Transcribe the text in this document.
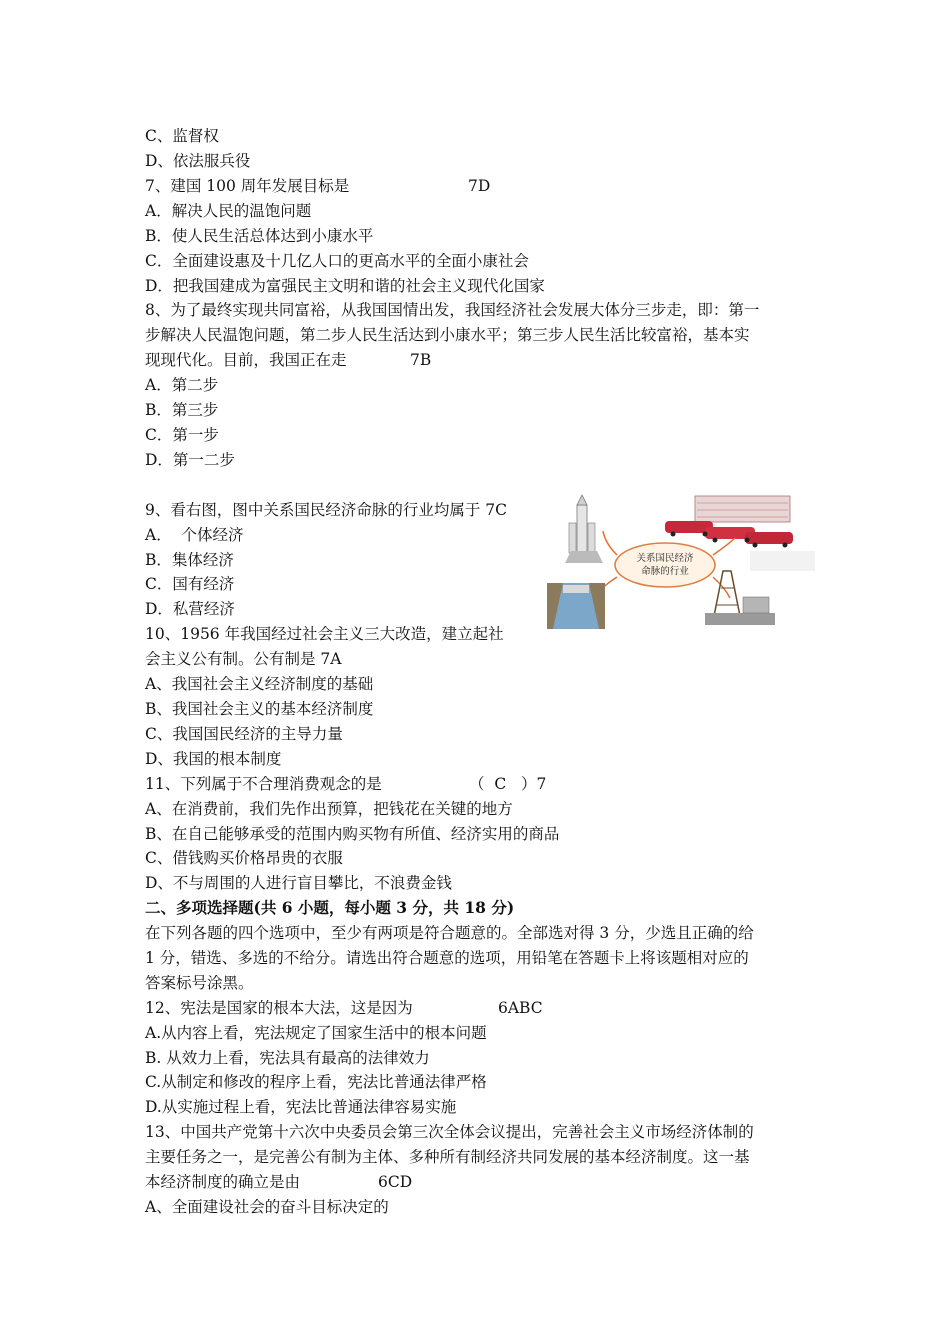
C、监督权
D、依法服兵役
7、建国 100 周年发展目标是	7D
A．解决人民的温饱问题
B．使人民生活总体达到小康水平
C．全面建设惠及十几亿人口的更高水平的全面小康社会
D．把我国建成为富强民主文明和谐的社会主义现代化国家
8、为了最终实现共同富裕，从我国国情出发，我国经济社会发展大体分三步走，即：第一
步解决人民温饱问题，第二步人民生活达到小康水平；第三步人民生活比较富裕，基本实
现现代化。目前，我国正在走	7B
A．第二步
B．第三步
C．第一步
D．第一二步
9、看右图，图中关系国民经济命脉的行业均属于 7C
A．  个体经济
B．集体经济
C．国有经济
D．私营经济
10、1956 年我国经过社会主义三大改造，建立起社
会主义公有制。公有制是 7A
A、我国社会主义经济制度的基础
B、我国社会主义的基本经济制度
C、我国国民经济的主导力量
D、我国的根本制度
11、下列属于不合理消费观念的是	（  C   ）7
A、在消费前，我们先作出预算，把钱花在关键的地方
B、在自己能够承受的范围内购买物有所值、经济实用的商品
C、借钱购买价格昂贵的衣服
D、不与周围的人进行盲目攀比，不浪费金钱
二、多项选择题(共 6 小题，每小题 3 分，共 18 分)
在下列各题的四个选项中，至少有两项是符合题意的。全部选对得 3 分，少选且正确的给
1 分，错选、多选的不给分。请选出符合题意的选项，用铅笔在答题卡上将该题相对应的
答案标号涂黑。
12、宪法是国家的根本大法，这是因为	6ABC
A.从内容上看，宪法规定了国家生活中的根本问题
B. 从效力上看，宪法具有最高的法律效力
C.从制定和修改的程序上看，宪法比普通法律严格
D.从实施过程上看，宪法比普通法律容易实施
13、中国共产党第十六次中央委员会第三次全体会议提出，完善社会主义市场经济体制的
主要任务之一，是完善公有制为主体、多种所有制经济共同发展的基本经济制度。这一基
本经济制度的确立是由	6CD
A、全面建设社会的奋斗目标决定的
关系国民经济
命脉的行业
